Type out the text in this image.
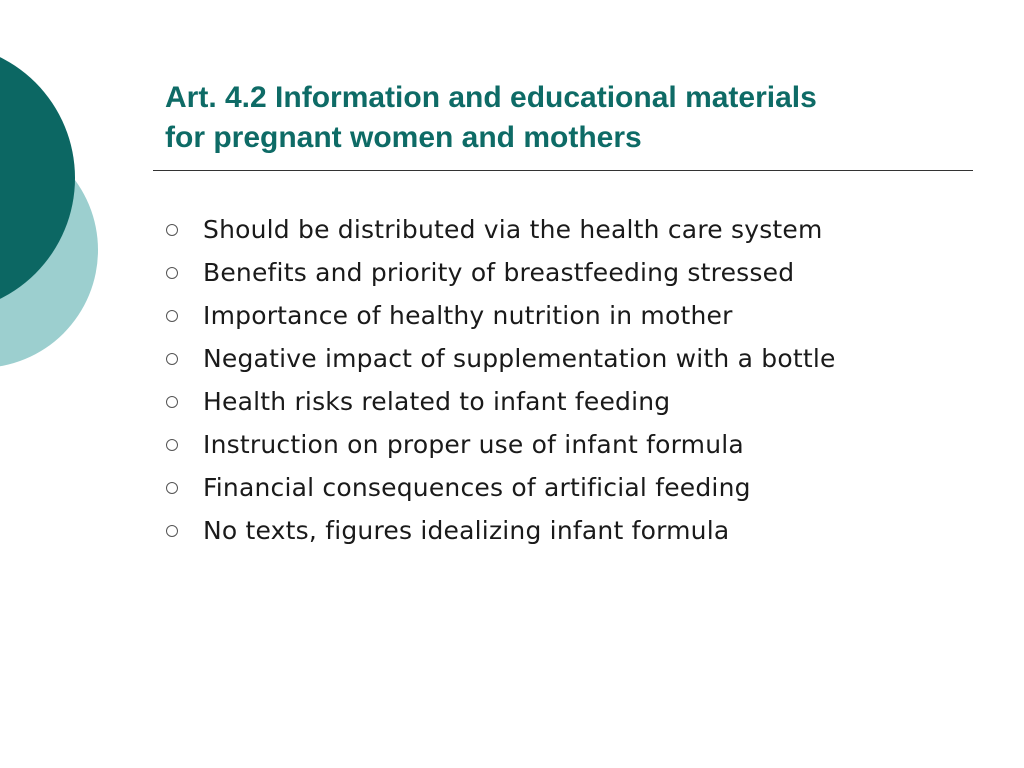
Art. 4.2 Information and educational materials
for pregnant women and mothers
Should be distributed via the health care system
Benefits and priority of breastfeeding stressed
Importance of healthy nutrition in mother
Negative impact of supplementation with a bottle
Health risks related to infant feeding
Instruction on proper use of infant formula
Financial consequences of artificial feeding
No texts, figures idealizing infant formula
